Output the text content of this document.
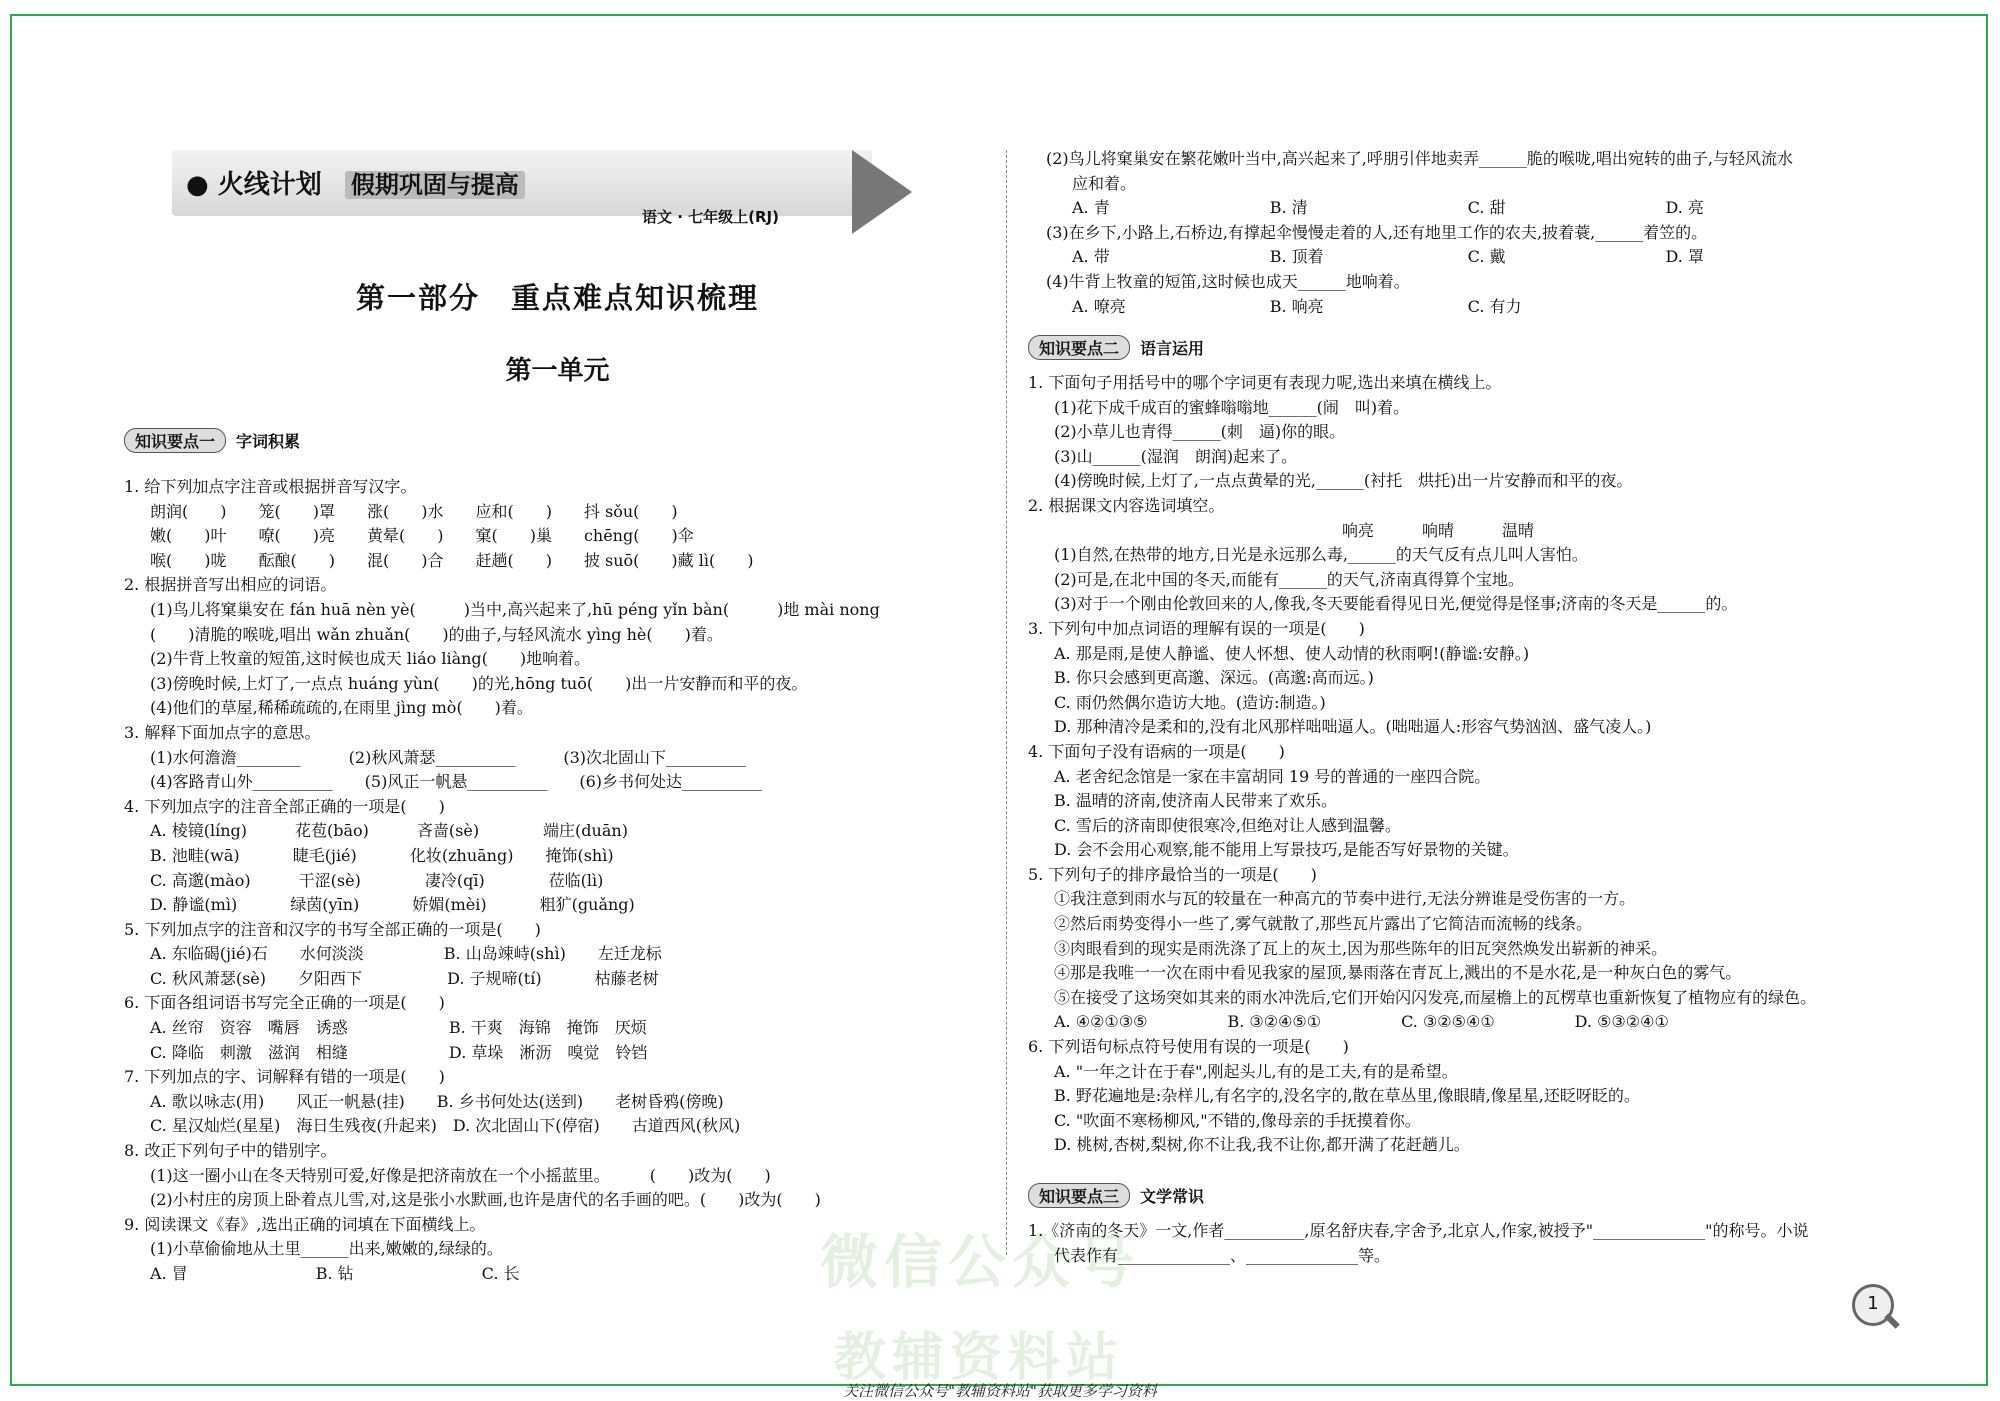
微信公众号
教辅资料站
● 火线计划 假期巩固与提高
语文 · 七年级上(RJ)
第一部分　重点难点知识梳理
第一单元
知识要点一 字词积累
1. 给下列加点字注音或根据拼音写汉字。
朗润(　　)　　笼(　　)罩　　涨(　　)水　　应和(　　)　　抖 sǒu(　　)
嫩(　　)叶　　嘹(　　)亮　　黄晕(　　)　　窠(　　)巢　　chēng(　　)伞
喉(　　)咙　　酝酿(　　)　　混(　　)合　　赶趟(　　)　　披 suō(　　)藏 lì(　　)
2. 根据拼音写出相应的词语。
(1)鸟儿将窠巢安在 fán huā nèn yè(　　　)当中,高兴起来了,hū péng yǐn bàn(　　　)地 mài nong
(　　)清脆的喉咙,唱出 wǎn zhuǎn(　　)的曲子,与轻风流水 yìng hè(　　)着。
(2)牛背上牧童的短笛,这时候也成天 liáo liàng(　　)地响着。
(3)傍晚时候,上灯了,一点点 huáng yùn(　　)的光,hōng tuō(　　)出一片安静而和平的夜。
(4)他们的草屋,稀稀疏疏的,在雨里 jìng mò(　　)着。
3. 解释下面加点字的意思。
(1)水何澹澹________　　　(2)秋风萧瑟__________　　　(3)次北固山下__________
(4)客路青山外__________　　(5)风正一帆悬__________　　(6)乡书何处达__________
4. 下列加点字的注音全部正确的一项是(　　)
A. 棱镜(líng)　　　花苞(bāo)　　　吝啬(sè)　　　　端庄(duān)
B. 池畦(wā)　　　 睫毛(jié)　　　 化妆(zhuāng)　　掩饰(shì)
C. 高邈(mào)　　　干涩(sè)　　　　凄冷(qī)　　　　莅临(lì)
D. 静谧(mì)　　　 绿茵(yīn)　　　 娇媚(mèi)　　　 粗犷(guǎng)
5. 下列加点字的注音和汉字的书写全部正确的一项是(　　)
A. 东临碣(jié)石　　水何淡淡　　　　　B. 山岛竦峙(shì)　　左迁龙标
C. 秋风萧瑟(sè)　　夕阳西下　　　　　 D. 子规啼(tí)　　　 枯藤老树
6. 下面各组词语书写完全正确的一项是(　　)
A. 丝帘　资容　嘴唇　诱惑　　　　　　 B. 干爽　海锦　掩饰　厌烦
C. 降临　刺激　滋润　相缝　　　　　　 D. 草垛　淅沥　嗅觉　铃铛
7. 下列加点的字、词解释有错的一项是(　　)
A. 歌以咏志(用)　　风正一帆悬(挂)　　B. 乡书何处达(送到)　　老树昏鸦(傍晚)
C. 星汉灿烂(星星)　海日生残夜(升起来)　D. 次北固山下(停宿)　　古道西风(秋风)
8. 改正下列句子中的错别字。
(1)这一圈小山在冬天特别可爱,好像是把济南放在一个小摇蓝里。　　　(　　)改为(　　)
(2)小村庄的房顶上卧着点儿雪,对,这是张小水默画,也许是唐代的名手画的吧。(　　)改为(　　)
9. 阅读课文《春》,选出正确的词填在下面横线上。
(1)小草偷偷地从土里______出来,嫩嫩的,绿绿的。
A. 冒　　　　　　　　B. 钻　　　　　　　　C. 长
(2)鸟儿将窠巢安在繁花嫩叶当中,高兴起来了,呼朋引伴地卖弄______脆的喉咙,唱出宛转的曲子,与轻风流水
应和着。
A. 青　　　　　　　　　　B. 清　　　　　　　　　　C. 甜　　　　　　　　　　D. 亮
(3)在乡下,小路上,石桥边,有撑起伞慢慢走着的人,还有地里工作的农夫,披着蓑,______着笠的。
A. 带　　　　　　　　　　B. 顶着　　　　　　　　　C. 戴　　　　　　　　　　D. 罩
(4)牛背上牧童的短笛,这时候也成天______地响着。
A. 嘹亮　　　　　　　　　B. 响亮　　　　　　　　　C. 有力
知识要点二 语言运用
1. 下面句子用括号中的哪个字词更有表现力呢,选出来填在横线上。
(1)花下成千成百的蜜蜂嗡嗡地______(闹　叫)着。
(2)小草儿也青得______(刺　逼)你的眼。
(3)山______(湿润　朗润)起来了。
(4)傍晚时候,上灯了,一点点黄晕的光,______(衬托　烘托)出一片安静而和平的夜。
2. 根据课文内容选词填空。
　　　　　　　　　　　　　　　　　　响亮　　　响晴　　　温晴
(1)自然,在热带的地方,日光是永远那么毒,______的天气反有点儿叫人害怕。
(2)可是,在北中国的冬天,而能有______的天气,济南真得算个宝地。
(3)对于一个刚由伦敦回来的人,像我,冬天要能看得见日光,便觉得是怪事;济南的冬天是______的。
3. 下列句中加点词语的理解有误的一项是(　　)
A. 那是雨,是使人静谧、使人怀想、使人动情的秋雨啊!(静谧:安静。)
B. 你只会感到更高邈、深远。(高邈:高而远。)
C. 雨仍然偶尔造访大地。(造访:制造。)
D. 那种清冷是柔和的,没有北风那样咄咄逼人。(咄咄逼人:形容气势汹汹、盛气凌人。)
4. 下面句子没有语病的一项是(　　)
A. 老舍纪念馆是一家在丰富胡同 19 号的普通的一座四合院。
B. 温晴的济南,使济南人民带来了欢乐。
C. 雪后的济南即使很寒冷,但绝对让人感到温馨。
D. 会不会用心观察,能不能用上写景技巧,是能否写好景物的关键。
5. 下列句子的排序最恰当的一项是(　　)
①我注意到雨水与瓦的较量在一种高亢的节奏中进行,无法分辨谁是受伤害的一方。
②然后雨势变得小一些了,雾气就散了,那些瓦片露出了它简洁而流畅的线条。
③肉眼看到的现实是雨洗涤了瓦上的灰土,因为那些陈年的旧瓦突然焕发出崭新的神采。
④那是我唯一一次在雨中看见我家的屋顶,暴雨落在青瓦上,溅出的不是水花,是一种灰白色的雾气。
⑤在接受了这场突如其来的雨水冲洗后,它们开始闪闪发亮,而屋檐上的瓦楞草也重新恢复了植物应有的绿色。
A. ④②①③⑤　　　　　B. ③②④⑤①　　　　　C. ③②⑤④①　　　　　D. ⑤③②④①
6. 下列语句标点符号使用有误的一项是(　　)
A. "一年之计在于春",刚起头儿,有的是工夫,有的是希望。
B. 野花遍地是:杂样儿,有名字的,没名字的,散在草丛里,像眼睛,像星星,还眨呀眨的。
C. "吹面不寒杨柳风,"不错的,像母亲的手抚摸着你。
D. 桃树,杏树,梨树,你不让我,我不让你,都开满了花赶趟儿。
知识要点三 文学常识
1.《济南的冬天》一文,作者__________,原名舒庆春,字舍予,北京人,作家,被授予"______________"的称号。小说
代表作有______________、______________等。
1
关注微信公众号"教辅资料站"获取更多学习资料
